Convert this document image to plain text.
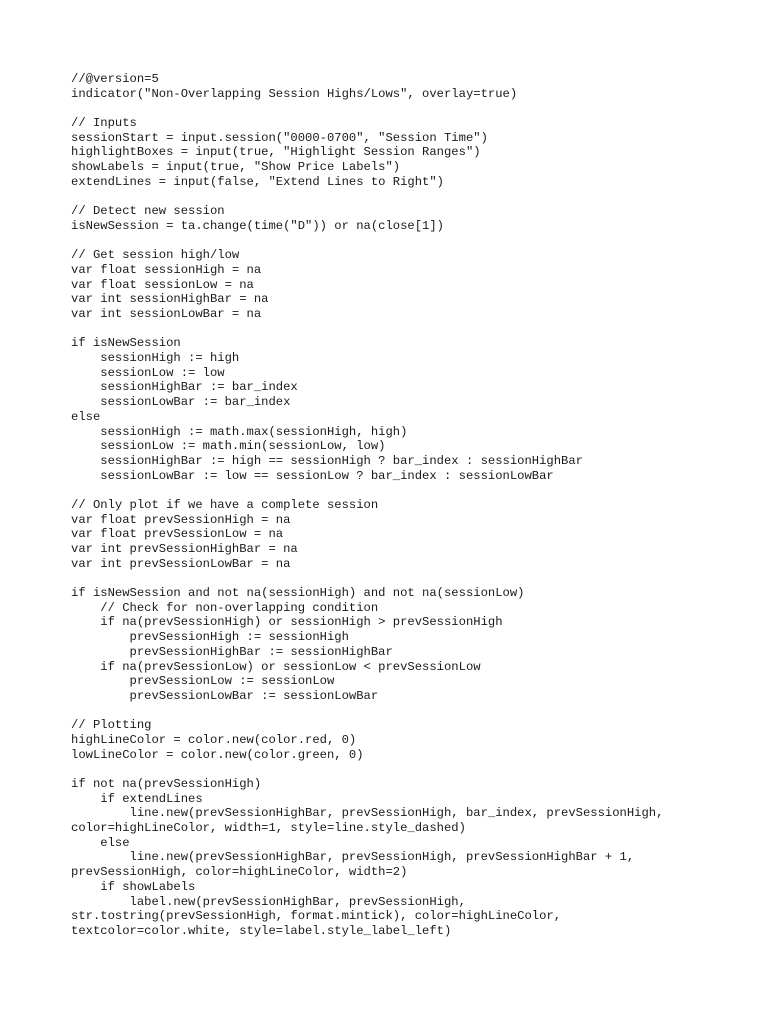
//@version=5
indicator("Non-Overlapping Session Highs/Lows", overlay=true)
// Inputs
sessionStart = input.session("0000-0700", "Session Time")
highlightBoxes = input(true, "Highlight Session Ranges")
showLabels = input(true, "Show Price Labels")
extendLines = input(false, "Extend Lines to Right")
// Detect new session
isNewSession = ta.change(time("D")) or na(close[1])
// Get session high/low
var float sessionHigh = na
var float sessionLow = na
var int sessionHighBar = na
var int sessionLowBar = na
if isNewSession
sessionHigh := high
sessionLow := low
sessionHighBar := bar_index
sessionLowBar := bar_index
else
sessionHigh := math.max(sessionHigh, high)
sessionLow := math.min(sessionLow, low)
sessionHighBar := high == sessionHigh ? bar_index : sessionHighBar
sessionLowBar := low == sessionLow ? bar_index : sessionLowBar
// Only plot if we have a complete session
var float prevSessionHigh = na
var float prevSessionLow = na
var int prevSessionHighBar = na
var int prevSessionLowBar = na
if isNewSession and not na(sessionHigh) and not na(sessionLow)
// Check for non-overlapping condition
if na(prevSessionHigh) or sessionHigh > prevSessionHigh
prevSessionHigh := sessionHigh
prevSessionHighBar := sessionHighBar
if na(prevSessionLow) or sessionLow < prevSessionLow
prevSessionLow := sessionLow
prevSessionLowBar := sessionLowBar
// Plotting
highLineColor = color.new(color.red, 0)
lowLineColor = color.new(color.green, 0)
if not na(prevSessionHigh)
if extendLines
line.new(prevSessionHighBar, prevSessionHigh, bar_index, prevSessionHigh,
color=highLineColor, width=1, style=line.style_dashed)
else
line.new(prevSessionHighBar, prevSessionHigh, prevSessionHighBar + 1,
prevSessionHigh, color=highLineColor, width=2)
if showLabels
label.new(prevSessionHighBar, prevSessionHigh,
str.tostring(prevSessionHigh, format.mintick), color=highLineColor,
textcolor=color.white, style=label.style_label_left)
